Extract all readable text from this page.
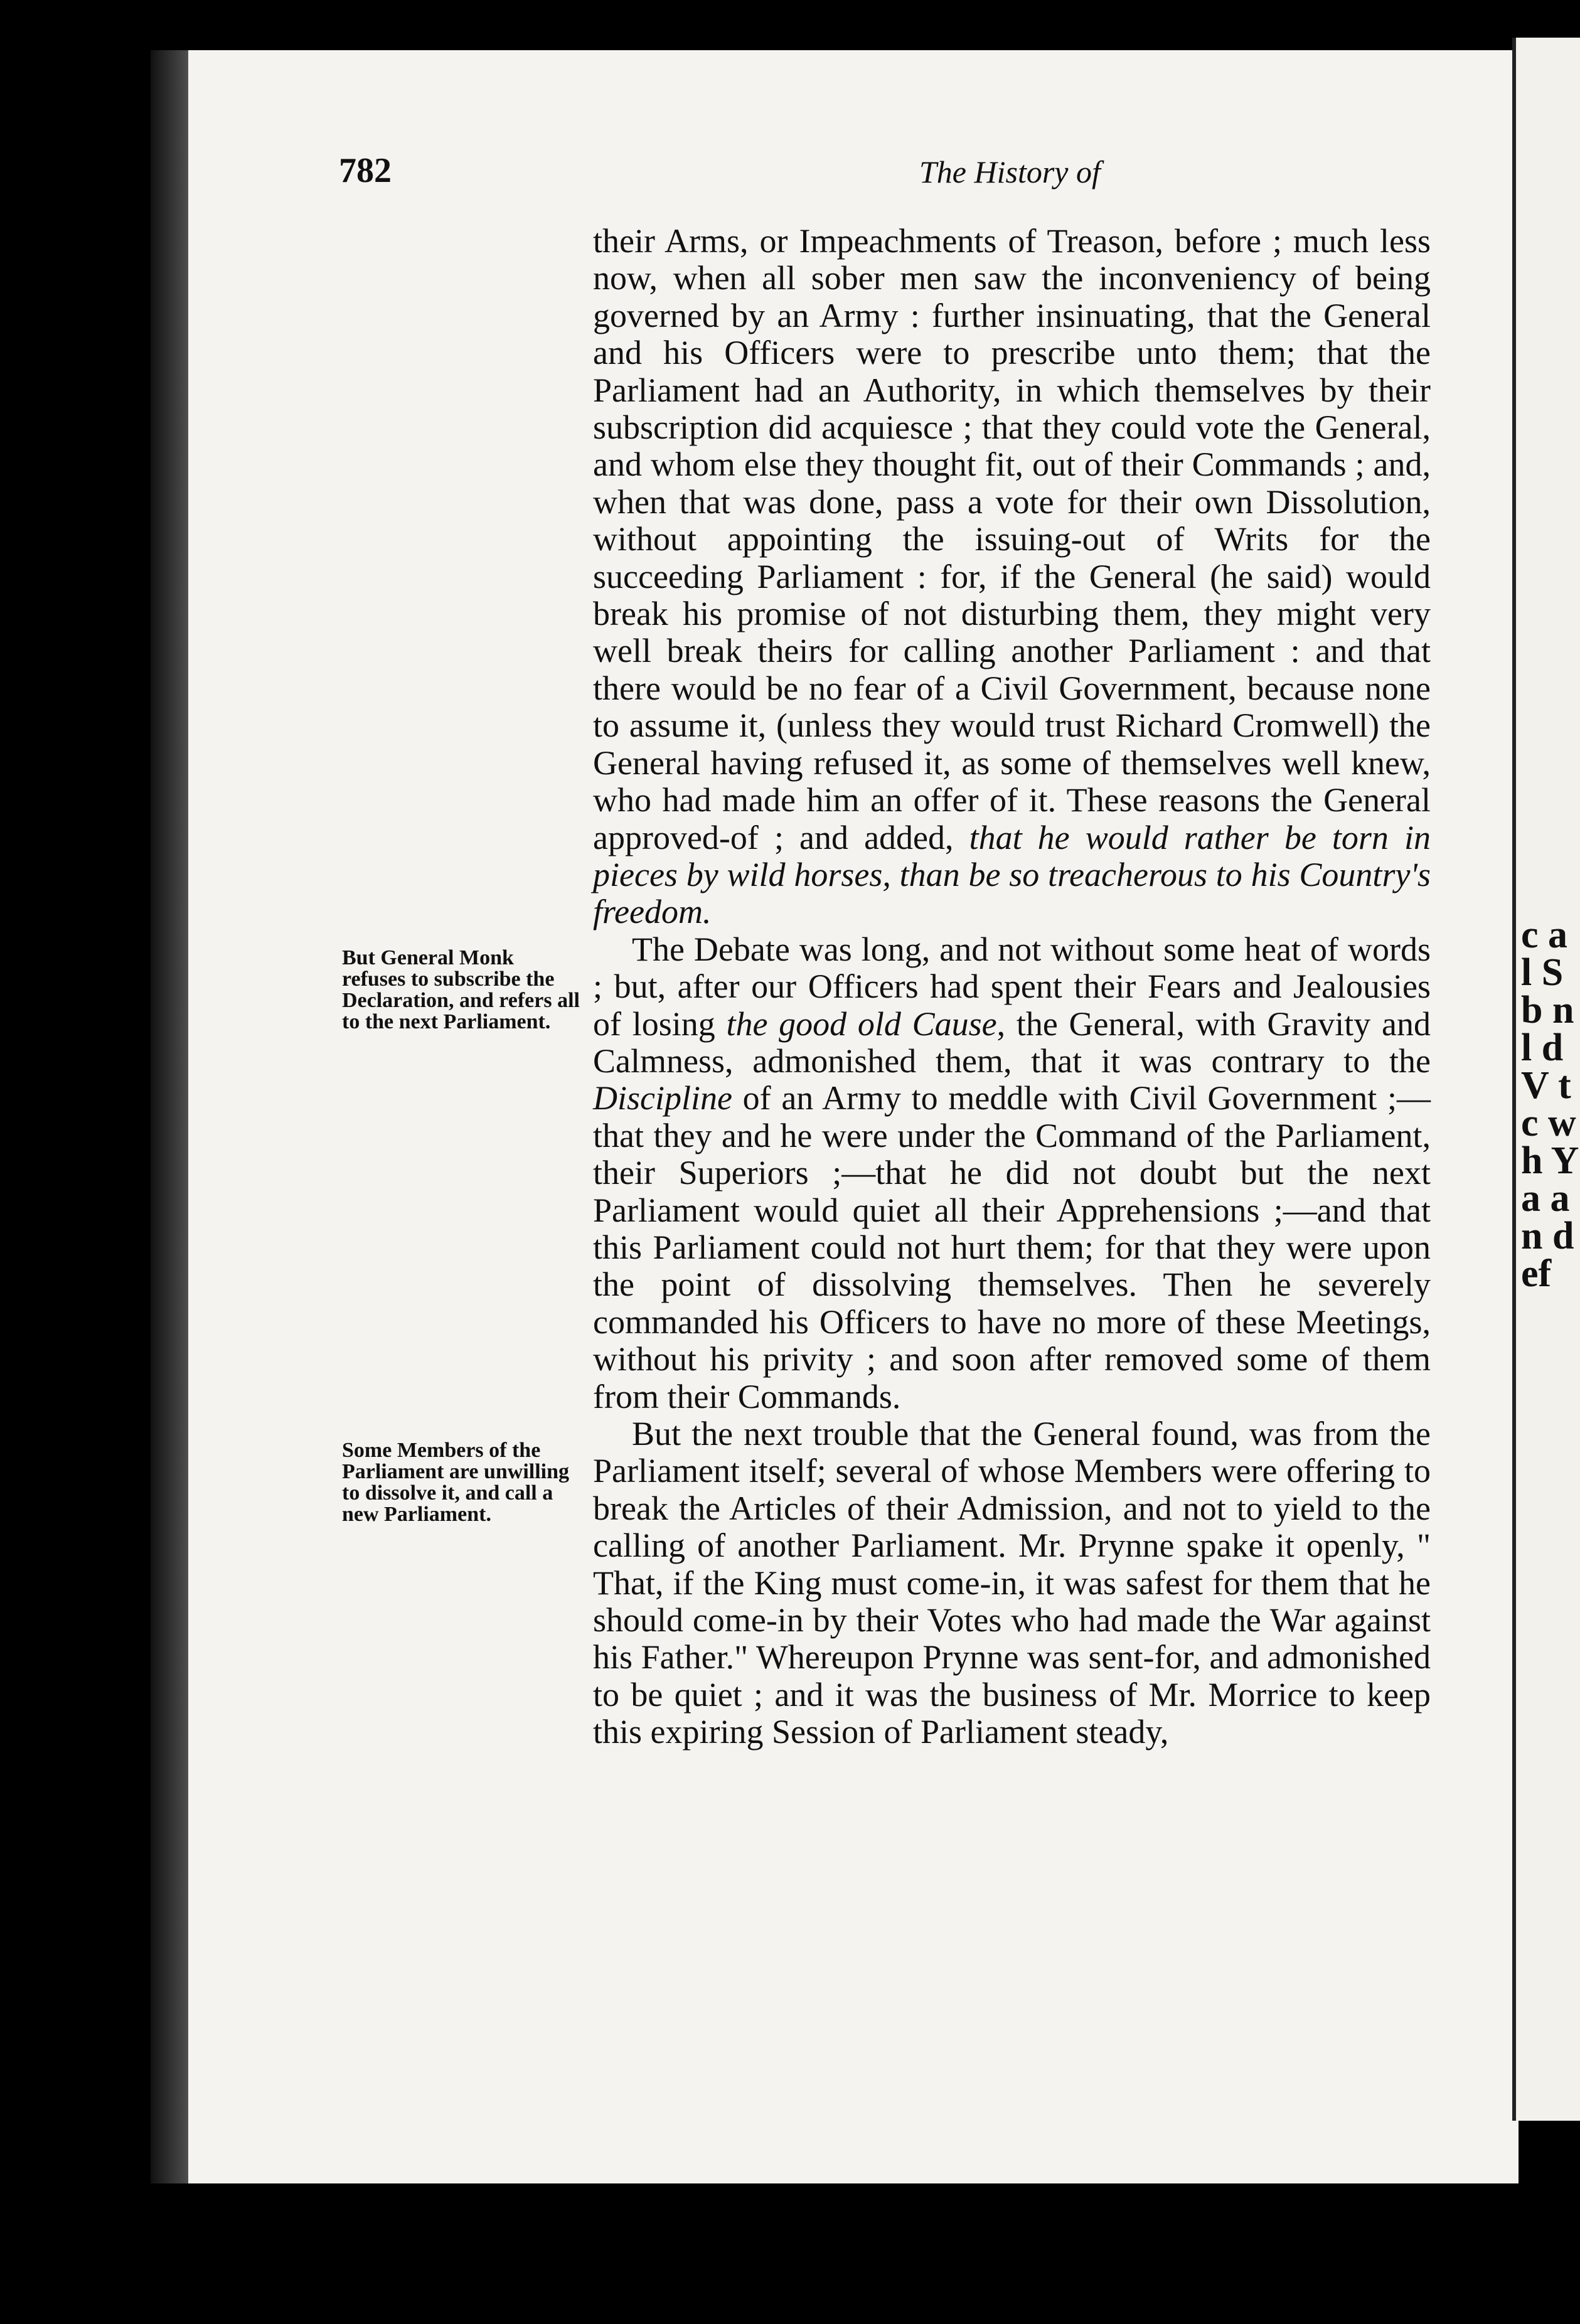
c a l S b n l d V t c w h Y a a n d ef
782	The History of

their Arms, or Impeachments of Treason, before ; much less now, when all sober men saw the inconveniency of being governed by an Army : further insinuating, that the General and his Officers were to prescribe unto them; that the Parliament had an Authority, in which themselves by their subscription did acquiesce ; that they could vote the General, and whom else they thought fit, out of their Commands ; and, when that was done, pass a vote for their own Dissolution, without appointing the issuing-out of Writs for the succeeding Parliament : for, if the General (he said) would break his promise of not disturbing them, they might very well break theirs for calling another Parliament : and that there would be no fear of a Civil Government, because none to assume it, (unless they would trust Richard Cromwell) the General having refused it, as some of themselves well knew, who had made him an offer of it. These reasons the General approved-of ; and added, that he would rather be torn in pieces by wild horses, than be so treacherous to his Country's freedom.

The Debate was long, and not without some heat of words ; but, after our Officers had spent their Fears and Jealousies of losing the good old Cause, the General, with Gravity and Calmness, admonished them, that it was contrary to the Discipline of an Army to meddle with Civil Government ;—that they and he were under the Command of the Parliament, their Superiors ;—that he did not doubt but the next Parliament would quiet all their Apprehensions ;—and that this Parliament could not hurt them; for that they were upon the point of dissolving themselves. Then he severely commanded his Officers to have no more of these Meetings, without his privity ; and soon after removed some of them from their Commands.

But the next trouble that the General found, was from the Parliament itself; several of whose Members were offering to break the Articles of their Admission, and not to yield to the calling of another Parliament. Mr. Prynne spake it openly, " That, if the King must come-in, it was safest for them that he should come-in by their Votes who had made the War against his Father." Whereupon Prynne was sent-for, and admonished to be quiet ; and it was the business of Mr. Morrice to keep this expiring Session of Parliament steady,

But General Monk refuses to subscribe the Declaration, and refers all to the next Parliament.
Some Members of the Parliament are unwilling to dissolve it, and call a new Parliament.
